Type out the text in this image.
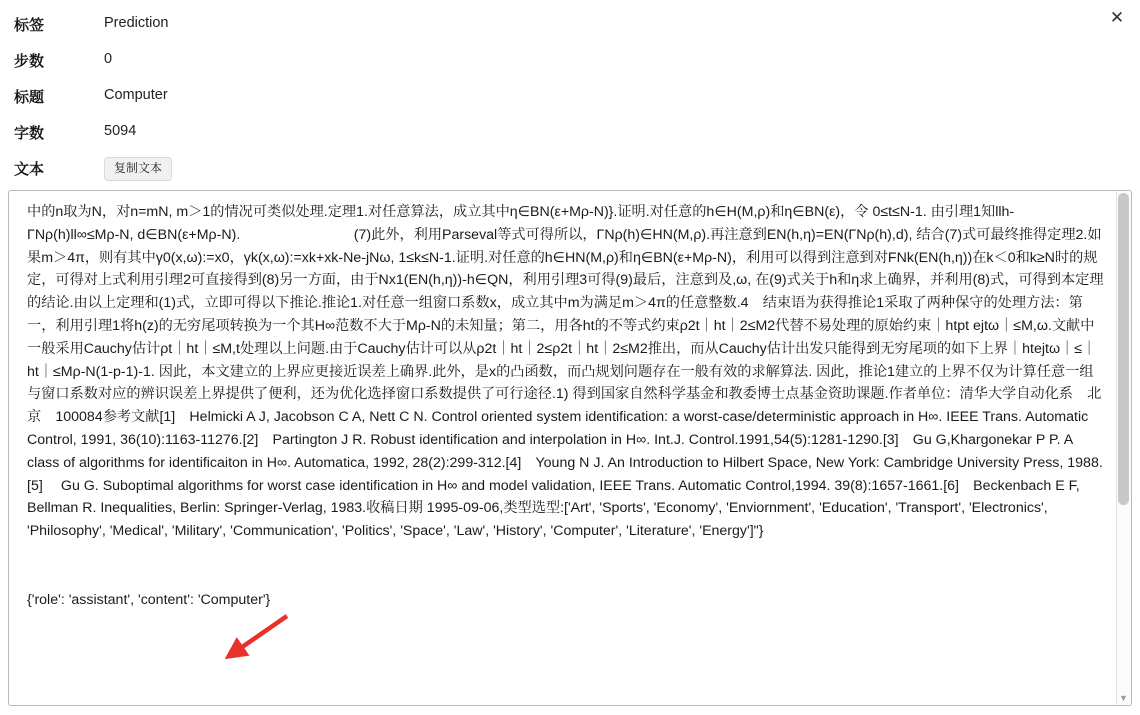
✕
标签	Prediction
步数	0
标题	Computer
字数	5094
文本	复制文本

中的n取为N，对n=mN, m＞1的情况可类似处理.定理1.对任意算法，成立其中η∈BN(ε+Mρ-N)}.证明.对任意的h∈H(M,ρ)和η∈BN(ε)，令 0≤t≤N-1. 由引理1知llh-ΓNρ(h)ll∞≤Mρ-N, d∈BN(ε+Mρ-N).　　　　　　　　(7)此外，利用Parseval等式可得所以，ΓNρ(h)∈HN(M,ρ).再注意到EN(h,η)=EN(ΓNρ(h),d), 结合(7)式可最终推得定理2.如果m＞4π，则有其中γ0(x,ω):=x0，γk(x,ω):=xk+xk-Ne-jNω, 1≤k≤N-1.证明.对任意的h∈HN(M,ρ)和η∈BN(ε+Mρ-N)，利用可以得到注意到对FNk(EN(h,η))在k＜0和k≥N时的规定，可得对上式利用引理2可直接得到(8)另一方面，由于Nx1(EN(h,η))-h∈QN，利用引理3可得(9)最后，注意到及,ω, 在(9)式关于h和η求上确界，并利用(8)式，可得到本定理的结论.由以上定理和(1)式，立即可得以下推论.推论1.对任意一组窗口系数x，成立其中m为满足m＞4π的任意整数.4　结束语为获得推论1采取了两种保守的处理方法：第一，利用引理1将h(z)的无穷尾项转换为一个其H∞范数不大于Mρ-N的未知量；第二，用各ht的不等式约束ρ2t｜ht｜2≤M2代替不易处理的原始约束｜htpt ejtω｜≤M,ω.文献中一般采用Cauchy估计ρt｜ht｜≤M,t处理以上问题.由于Cauchy估计可以从ρ2t｜ht｜2≤ρ2t｜ht｜2≤M2推出，而从Cauchy估计出发只能得到无穷尾项的如下上界｜htejtω｜≤｜ht｜≤Mρ-N(1-p-1)-1. 因此，本文建立的上界应更接近误差上确界.此外，是x的凸函数，而凸规划问题存在一般有效的求解算法. 因此，推论1建立的上界不仅为计算任意一组与窗口系数对应的辨识误差上界提供了便利，还为优化选择窗口系数提供了可行途径.1) 得到国家自然科学基金和教委博士点基金资助课题.作者单位：清华大学自动化系　北京　100084参考文献[1]　Helmicki A J, Jacobson C A, Nett C N. Control oriented system identification: a worst-case/deterministic approach in H∞. IEEE Trans. Automatic Control, 1991, 36(10):1163-11276.[2]　Partington J R. Robust identification and interpolation in H∞. Int.J. Control.1991,54(5):1281-1290.[3]　Gu G,Khargonekar P P. A class of algorithms for identificaiton in H∞. Automatica, 1992, 28(2):299-312.[4]　Young N J. An Introduction to Hilbert Space, New York: Cambridge University Press, 1988.[5]　 Gu G. Suboptimal algorithms for worst case identification in H∞ and model validation, IEEE Trans. Automatic Control,1994. 39(8):1657-1661.[6]　Beckenbach E F, Bellman R. Inequalities, Berlin: Springer-Verlag, 1983.收稿日期 1995-09-06,类型选型:['Art', 'Sports', 'Economy', 'Enviornment', 'Education', 'Transport', 'Electronics', 'Philosophy', 'Medical', 'Military', 'Communication', 'Politics', 'Space', 'Law', 'History', 'Computer', 'Literature', 'Energy']"}

{'role': 'assistant', 'content': 'Computer'}

▼
